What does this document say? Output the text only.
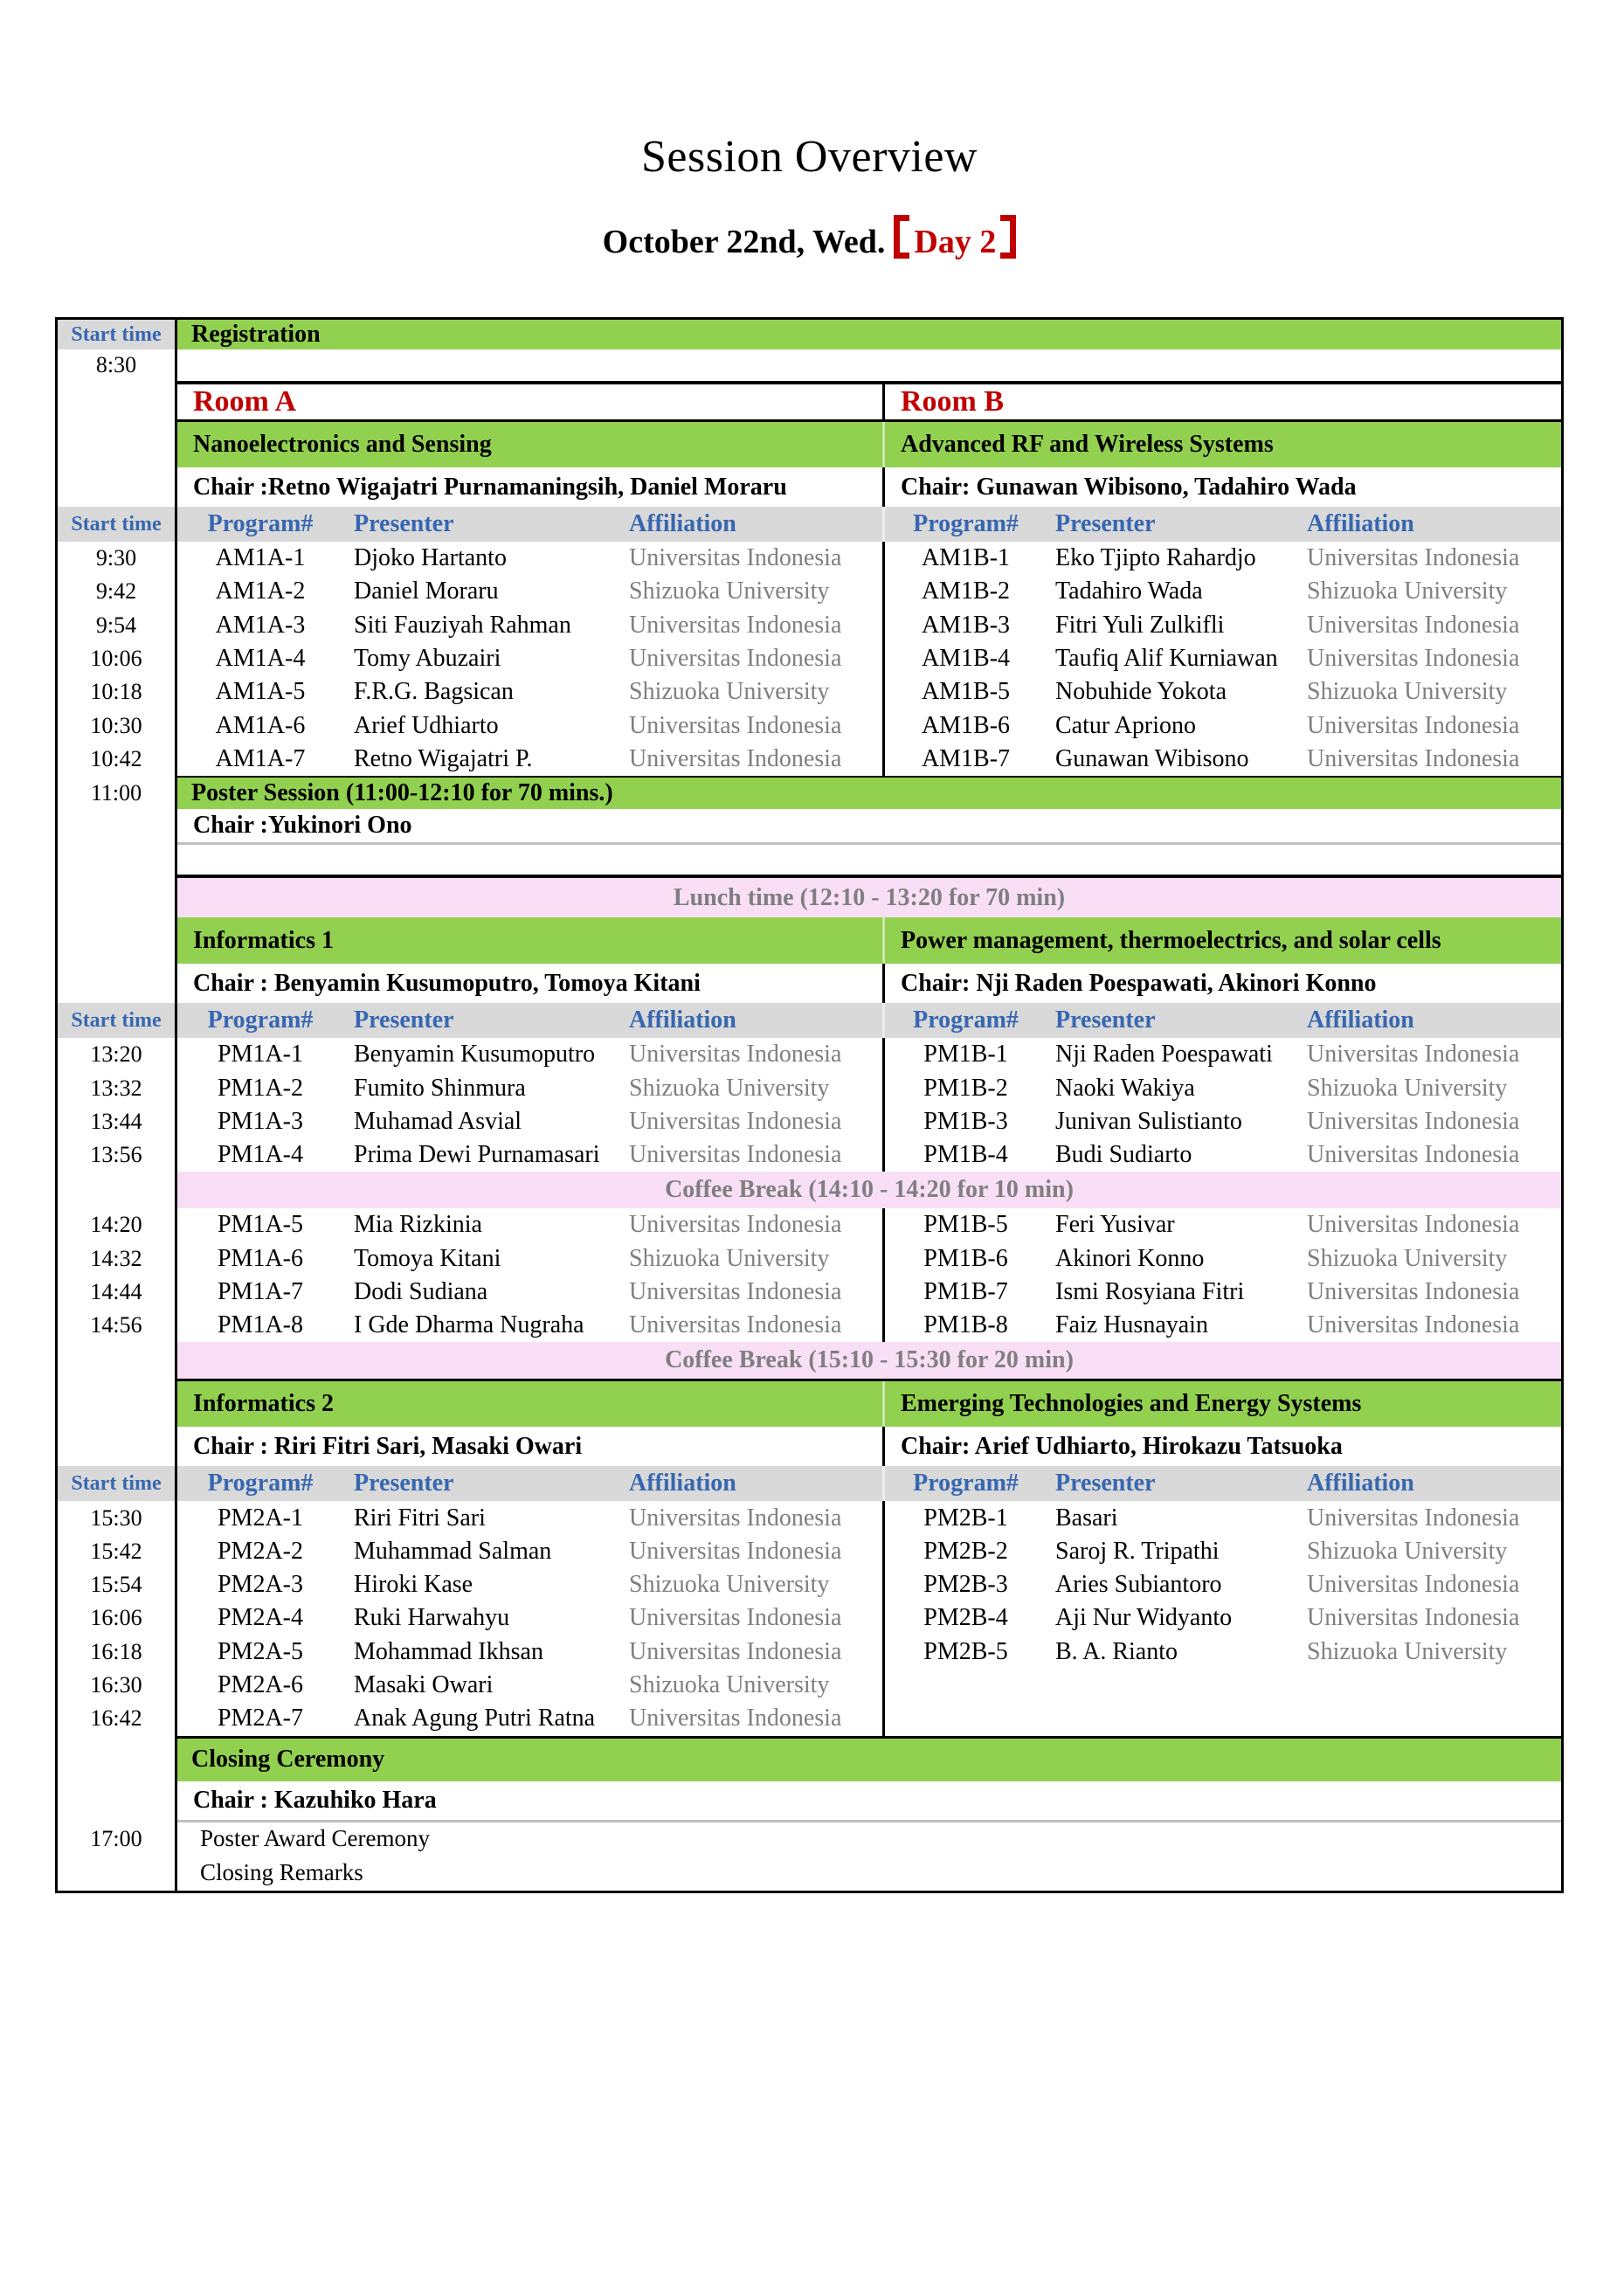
Session Overview
October 22nd, Wed. Day 2
Start time	Registration
8:30
Room A	Room B
Nanoelectronics and Sensing	Advanced RF and Wireless Systems
Chair :Retno Wigajatri Purnamaningsih, Daniel Moraru	Chair: Gunawan Wibisono, Tadahiro Wada
Start time	Program#	Presenter	Affiliation	Program#	Presenter	Affiliation
9:30	AM1A-1	Djoko Hartanto	Universitas Indonesia	AM1B-1	Eko Tjipto Rahardjo	Universitas Indonesia
9:42	AM1A-2	Daniel Moraru	Shizuoka University	AM1B-2	Tadahiro Wada	Shizuoka University
9:54	AM1A-3	Siti Fauziyah Rahman	Universitas Indonesia	AM1B-3	Fitri Yuli Zulkifli	Universitas Indonesia
10:06	AM1A-4	Tomy Abuzairi	Universitas Indonesia	AM1B-4	Taufiq Alif Kurniawan	Universitas Indonesia
10:18	AM1A-5	F.R.G. Bagsican	Shizuoka University	AM1B-5	Nobuhide Yokota	Shizuoka University
10:30	AM1A-6	Arief Udhiarto	Universitas Indonesia	AM1B-6	Catur Apriono	Universitas Indonesia
10:42	AM1A-7	Retno Wigajatri P.	Universitas Indonesia	AM1B-7	Gunawan Wibisono	Universitas Indonesia
11:00	Poster Session (11:00-12:10 for 70 mins.)
Chair :Yukinori Ono
Lunch time (12:10 - 13:20 for 70 min)
Informatics 1	Power management, thermoelectrics, and solar cells
Chair : Benyamin Kusumoputro, Tomoya Kitani	Chair: Nji Raden Poespawati, Akinori Konno
Start time	Program#	Presenter	Affiliation	Program#	Presenter	Affiliation
13:20	PM1A-1	Benyamin Kusumoputro	Universitas Indonesia	PM1B-1	Nji Raden Poespawati	Universitas Indonesia
13:32	PM1A-2	Fumito Shinmura	Shizuoka University	PM1B-2	Naoki Wakiya	Shizuoka University
13:44	PM1A-3	Muhamad Asvial	Universitas Indonesia	PM1B-3	Junivan Sulistianto	Universitas Indonesia
13:56	PM1A-4	Prima Dewi Purnamasari	Universitas Indonesia	PM1B-4	Budi Sudiarto	Universitas Indonesia
Coffee Break (14:10 - 14:20 for 10 min)
14:20	PM1A-5	Mia Rizkinia	Universitas Indonesia	PM1B-5	Feri Yusivar	Universitas Indonesia
14:32	PM1A-6	Tomoya Kitani	Shizuoka University	PM1B-6	Akinori Konno	Shizuoka University
14:44	PM1A-7	Dodi Sudiana	Universitas Indonesia	PM1B-7	Ismi Rosyiana Fitri	Universitas Indonesia
14:56	PM1A-8	I Gde Dharma Nugraha	Universitas Indonesia	PM1B-8	Faiz Husnayain	Universitas Indonesia
Coffee Break (15:10 - 15:30 for 20 min)
Informatics 2	Emerging Technologies and Energy Systems
Chair : Riri Fitri Sari, Masaki Owari	Chair: Arief Udhiarto, Hirokazu Tatsuoka
Start time	Program#	Presenter	Affiliation	Program#	Presenter	Affiliation
15:30	PM2A-1	Riri Fitri Sari	Universitas Indonesia	PM2B-1	Basari	Universitas Indonesia
15:42	PM2A-2	Muhammad Salman	Universitas Indonesia	PM2B-2	Saroj R. Tripathi	Shizuoka University
15:54	PM2A-3	Hiroki Kase	Shizuoka University	PM2B-3	Aries Subiantoro	Universitas Indonesia
16:06	PM2A-4	Ruki Harwahyu	Universitas Indonesia	PM2B-4	Aji Nur Widyanto	Universitas Indonesia
16:18	PM2A-5	Mohammad Ikhsan	Universitas Indonesia	PM2B-5	B. A. Rianto	Shizuoka University
16:30	PM2A-6	Masaki Owari	Shizuoka University
16:42	PM2A-7	Anak Agung Putri Ratna	Universitas Indonesia
Closing Ceremony
Chair : Kazuhiko Hara
17:00	Poster Award Ceremony
Closing Remarks
